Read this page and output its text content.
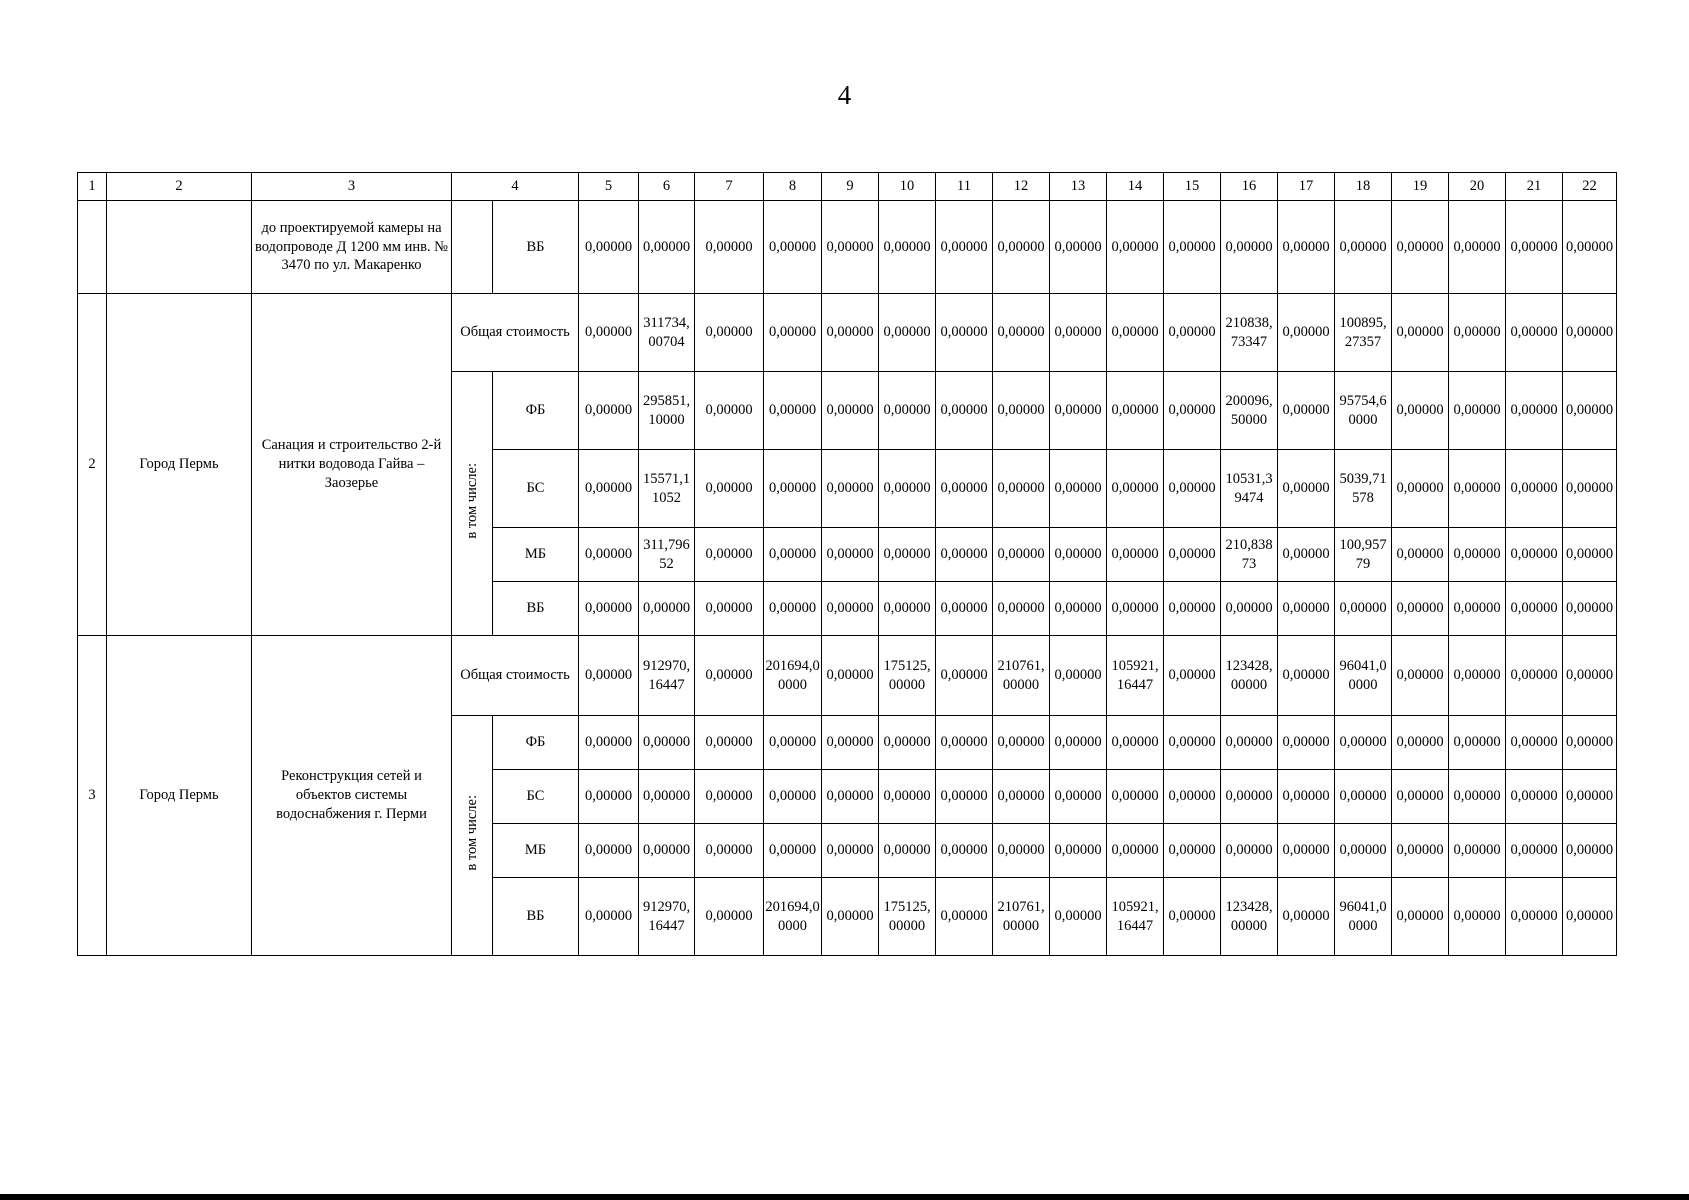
4
1	2	3	4		5	6	7	8	9	10	11	12	13	14	15	16	17	18	19	20	21	22
		до проектируемой камеры на водопроводе Д 1200 мм инв. № 3470 по ул. Макаренко		ВБ	0,00000	0,00000	0,00000	0,00000	0,00000	0,00000	0,00000	0,00000	0,00000	0,00000	0,00000	0,00000	0,00000	0,00000	0,00000	0,00000	0,00000	0,00000
2	Город Пермь	Санация и строительство 2-й нитки водовода Гайва – Заозерье	Общая стоимость		0,00000	311734,00704	0,00000	0,00000	0,00000	0,00000	0,00000	0,00000	0,00000	0,00000	0,00000	210838,73347	0,00000	100895,27357	0,00000	0,00000	0,00000	0,00000
			в том числе:	ФБ	0,00000	295851,10000	0,00000	0,00000	0,00000	0,00000	0,00000	0,00000	0,00000	0,00000	0,00000	200096,50000	0,00000	95754,60000	0,00000	0,00000	0,00000	0,00000
				БС	0,00000	15571,11052	0,00000	0,00000	0,00000	0,00000	0,00000	0,00000	0,00000	0,00000	0,00000	10531,39474	0,00000	5039,71578	0,00000	0,00000	0,00000	0,00000
				МБ	0,00000	311,79652	0,00000	0,00000	0,00000	0,00000	0,00000	0,00000	0,00000	0,00000	0,00000	210,83873	0,00000	100,95779	0,00000	0,00000	0,00000	0,00000
				ВБ	0,00000	0,00000	0,00000	0,00000	0,00000	0,00000	0,00000	0,00000	0,00000	0,00000	0,00000	0,00000	0,00000	0,00000	0,00000	0,00000	0,00000	0,00000
3	Город Пермь	Реконструкция сетей и объектов системы водоснабжения г. Перми	Общая стоимость		0,00000	912970,16447	0,00000	201694,00000	0,00000	175125,00000	0,00000	210761,00000	0,00000	105921,16447	0,00000	123428,00000	0,00000	96041,00000	0,00000	0,00000	0,00000	0,00000
			в том числе:	ФБ	0,00000	0,00000	0,00000	0,00000	0,00000	0,00000	0,00000	0,00000	0,00000	0,00000	0,00000	0,00000	0,00000	0,00000	0,00000	0,00000	0,00000	0,00000
				БС	0,00000	0,00000	0,00000	0,00000	0,00000	0,00000	0,00000	0,00000	0,00000	0,00000	0,00000	0,00000	0,00000	0,00000	0,00000	0,00000	0,00000	0,00000
				МБ	0,00000	0,00000	0,00000	0,00000	0,00000	0,00000	0,00000	0,00000	0,00000	0,00000	0,00000	0,00000	0,00000	0,00000	0,00000	0,00000	0,00000	0,00000
				ВБ	0,00000	912970,16447	0,00000	201694,00000	0,00000	175125,00000	0,00000	210761,00000	0,00000	105921,16447	0,00000	123428,00000	0,00000	96041,00000	0,00000	0,00000	0,00000	0,00000
